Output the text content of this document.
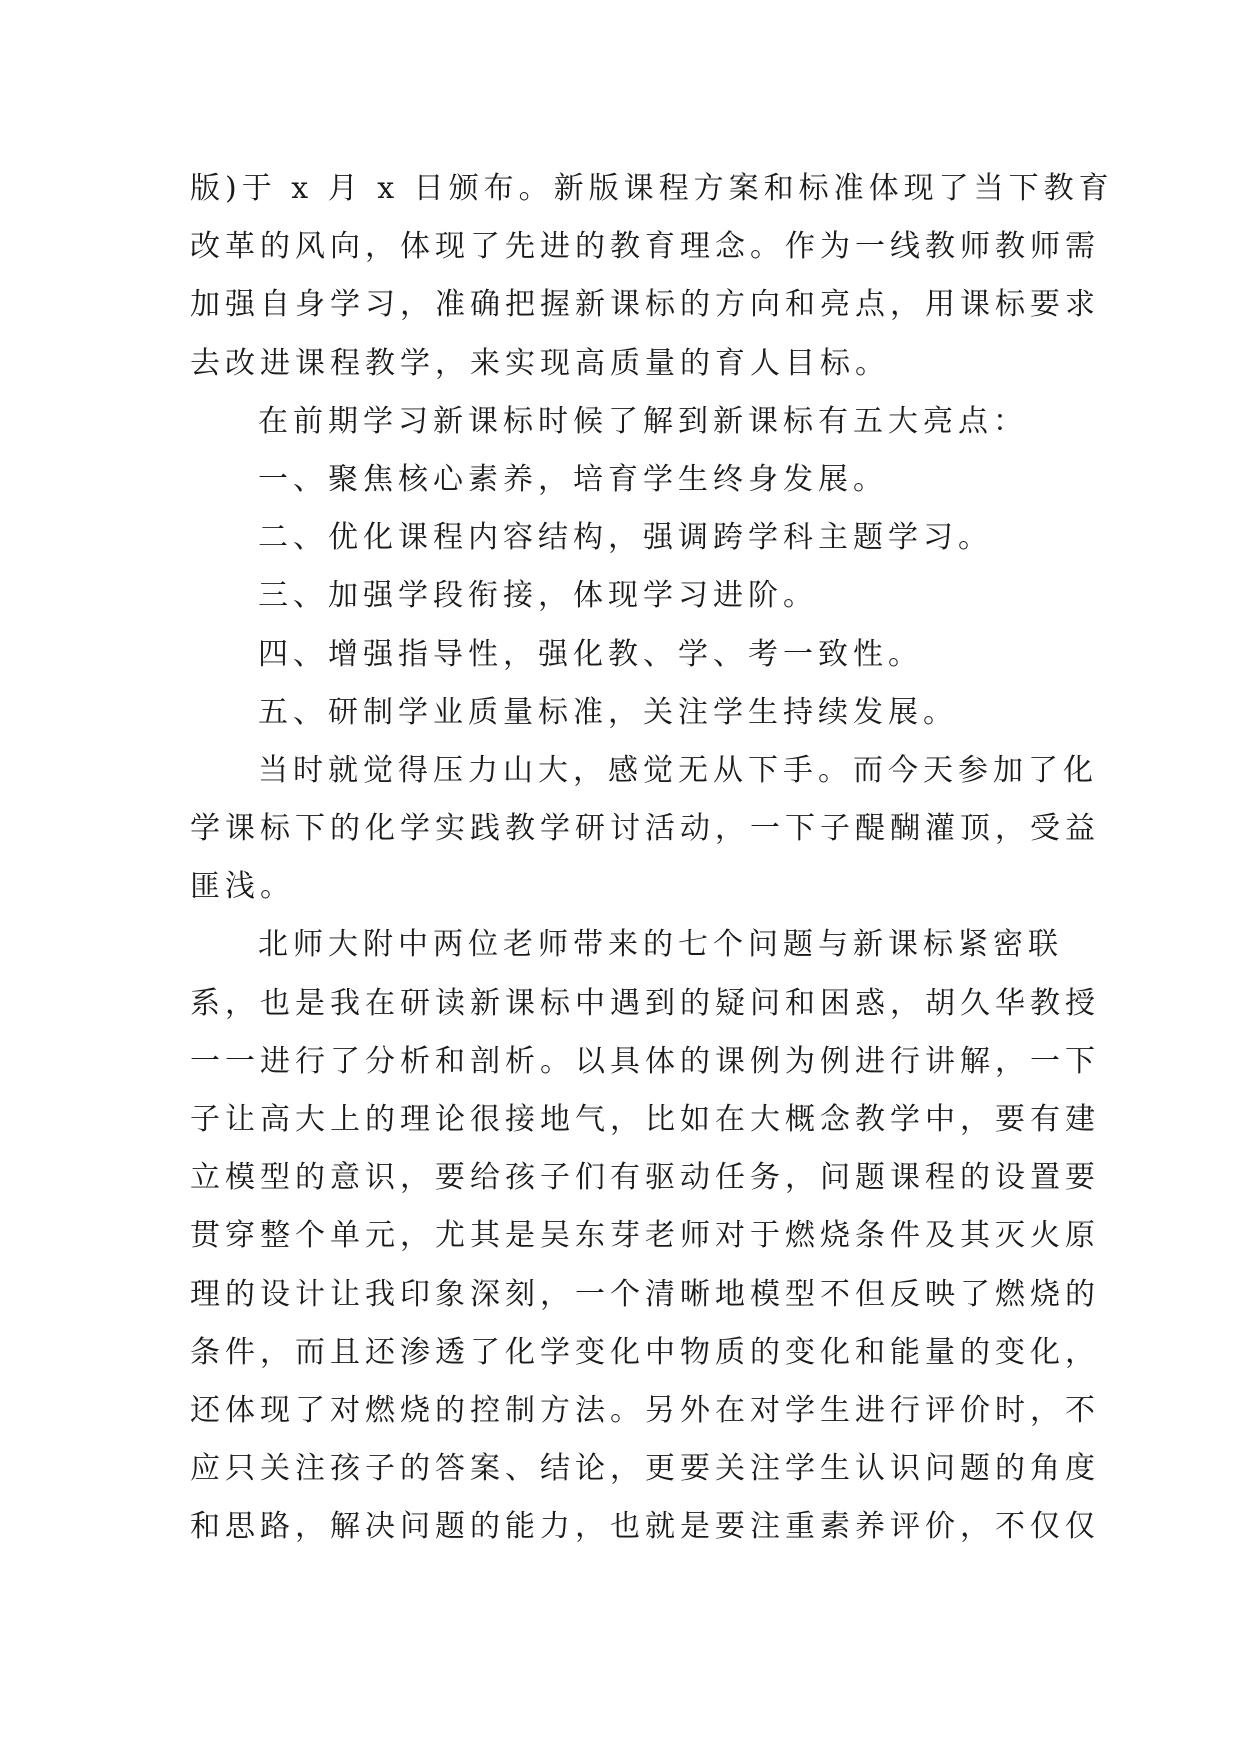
版)于 x 月 x 日颁布。新版课程方案和标准体现了当下教育
改革的风向，体现了先进的教育理念。作为一线教师教师需
加强自身学习，准确把握新课标的方向和亮点，用课标要求
去改进课程教学，来实现高质量的育人目标。
在前期学习新课标时候了解到新课标有五大亮点：
一、聚焦核心素养，培育学生终身发展。
二、优化课程内容结构，强调跨学科主题学习。
三、加强学段衔接，体现学习进阶。
四、增强指导性，强化教、学、考一致性。
五、研制学业质量标准，关注学生持续发展。
当时就觉得压力山大，感觉无从下手。而今天参加了化
学课标下的化学实践教学研讨活动，一下子醍醐灌顶，受益
匪浅。
北师大附中两位老师带来的七个问题与新课标紧密联
系，也是我在研读新课标中遇到的疑问和困惑，胡久华教授
一一进行了分析和剖析。以具体的课例为例进行讲解，一下
子让高大上的理论很接地气，比如在大概念教学中，要有建
立模型的意识，要给孩子们有驱动任务，问题课程的设置要
贯穿整个单元，尤其是吴东芽老师对于燃烧条件及其灭火原
理的设计让我印象深刻，一个清晰地模型不但反映了燃烧的
条件，而且还渗透了化学变化中物质的变化和能量的变化，
还体现了对燃烧的控制方法。另外在对学生进行评价时，不
应只关注孩子的答案、结论，更要关注学生认识问题的角度
和思路，解决问题的能力，也就是要注重素养评价，不仅仅
